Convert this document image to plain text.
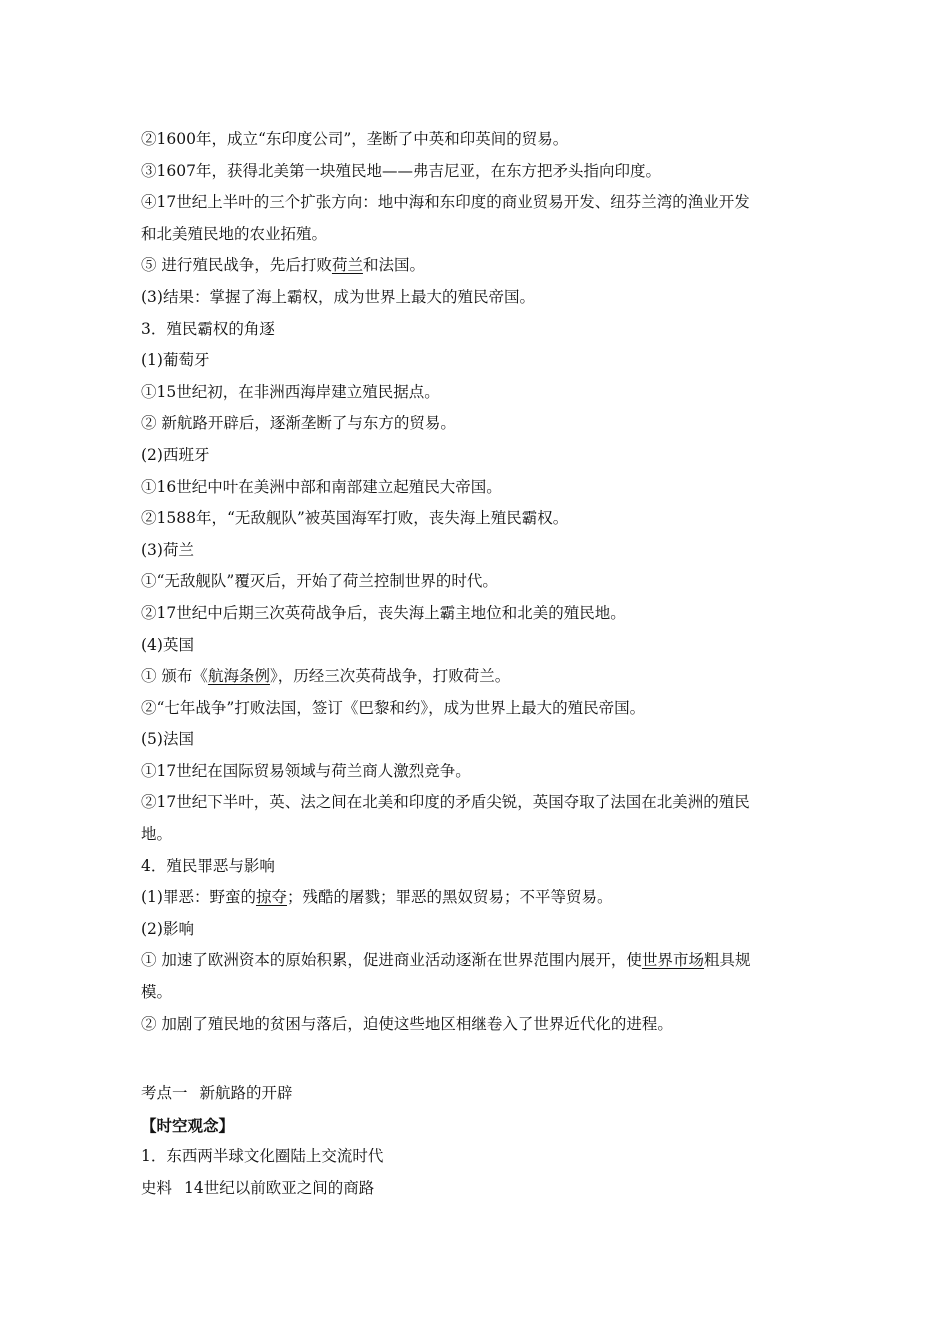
②1600年，成立“东印度公司”，垄断了中英和印英间的贸易。
③1607年，获得北美第一块殖民地——弗吉尼亚，在东方把矛头指向印度。
④17世纪上半叶的三个扩张方向：地中海和东印度的商业贸易开发、纽芬兰湾的渔业开发
和北美殖民地的农业拓殖。
⑤ 进行殖民战争，先后打败荷兰和法国。
(3)结果：掌握了海上霸权，成为世界上最大的殖民帝国。
3．殖民霸权的角逐
(1)葡萄牙
①15世纪初，在非洲西海岸建立殖民据点。
② 新航路开辟后，逐渐垄断了与东方的贸易。
(2)西班牙
①16世纪中叶在美洲中部和南部建立起殖民大帝国。
②1588年，“无敌舰队”被英国海军打败，丧失海上殖民霸权。
(3)荷兰
①“无敌舰队”覆灭后，开始了荷兰控制世界的时代。
②17世纪中后期三次英荷战争后，丧失海上霸主地位和北美的殖民地。
(4)英国
① 颁布《航海条例》，历经三次英荷战争，打败荷兰。
②“七年战争”打败法国，签订《巴黎和约》，成为世界上最大的殖民帝国。
(5)法国
①17世纪在国际贸易领域与荷兰商人激烈竞争。
②17世纪下半叶，英、法之间在北美和印度的矛盾尖锐，英国夺取了法国在北美洲的殖民
地。
4．殖民罪恶与影响
(1)罪恶：野蛮的掠夺；残酷的屠戮；罪恶的黑奴贸易；不平等贸易。
(2)影响
① 加速了欧洲资本的原始积累，促进商业活动逐渐在世界范围内展开，使世界市场粗具规
模。
② 加剧了殖民地的贫困与落后，迫使这些地区相继卷入了世界近代化的进程。
考点一 新航路的开辟
【时空观念】
1．东西两半球文化圈陆上交流时代
史料 14世纪以前欧亚之间的商路
